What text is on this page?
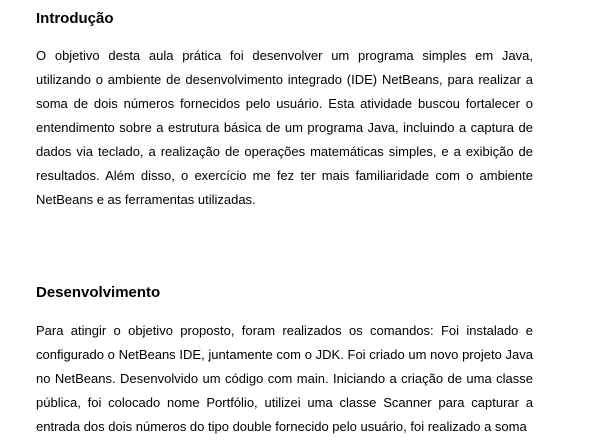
Introdução

O objetivo desta aula prática foi desenvolver um programa simples em Java, utilizando o ambiente de desenvolvimento integrado (IDE) NetBeans, para realizar a soma de dois números fornecidos pelo usuário. Esta atividade buscou fortalecer o entendimento sobre a estrutura básica de um programa Java, incluindo a captura de dados via teclado, a realização de operações matemáticas simples, e a exibição de resultados. Além disso, o exercício me fez ter mais familiaridade com o ambiente NetBeans e as ferramentas utilizadas.

Desenvolvimento

Para atingir o objetivo proposto, foram realizados os comandos: Foi instalado e configurado o NetBeans IDE, juntamente com o JDK. Foi criado um novo projeto Java no NetBeans. Desenvolvido um código com main. Iniciando a criação de uma classe pública, foi colocado nome Portfólio, utilizei uma classe Scanner para capturar a entrada dos dois números do tipo double fornecido pelo usuário, foi realizado a soma
